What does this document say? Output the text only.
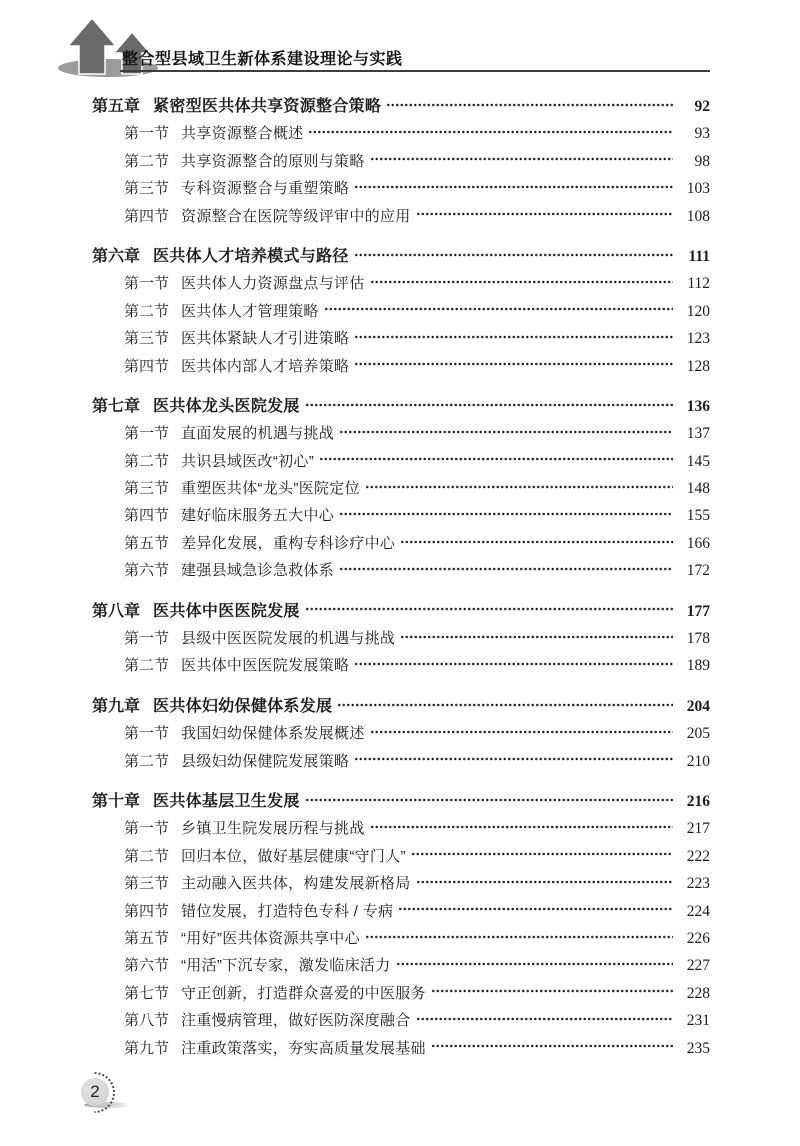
整合型县域卫生新体系建设理论与实践
第五章 紧密型医共体共享资源整合策略	92
第一节 共享资源整合概述	93
第二节 共享资源整合的原则与策略	98
第三节 专科资源整合与重塑策略	103
第四节 资源整合在医院等级评审中的应用	108
第六章 医共体人才培养模式与路径	111
第一节 医共体人力资源盘点与评估	112
第二节 医共体人才管理策略	120
第三节 医共体紧缺人才引进策略	123
第四节 医共体内部人才培养策略	128
第七章 医共体龙头医院发展	136
第一节 直面发展的机遇与挑战	137
第二节 共识县域医改“初心”	145
第三节 重塑医共体“龙头”医院定位	148
第四节 建好临床服务五大中心	155
第五节 差异化发展，重构专科诊疗中心	166
第六节 建强县域急诊急救体系	172
第八章 医共体中医医院发展	177
第一节 县级中医医院发展的机遇与挑战	178
第二节 医共体中医医院发展策略	189
第九章 医共体妇幼保健体系发展	204
第一节 我国妇幼保健体系发展概述	205
第二节 县级妇幼保健院发展策略	210
第十章 医共体基层卫生发展	216
第一节 乡镇卫生院发展历程与挑战	217
第二节 回归本位，做好基层健康“守门人”	222
第三节 主动融入医共体，构建发展新格局	223
第四节 错位发展，打造特色专科 / 专病	224
第五节 “用好”医共体资源共享中心	226
第六节 “用活”下沉专家，激发临床活力	227
第七节 守正创新，打造群众喜爱的中医服务	228
第八节 注重慢病管理，做好医防深度融合	231
第九节 注重政策落实，夯实高质量发展基础	235
2
